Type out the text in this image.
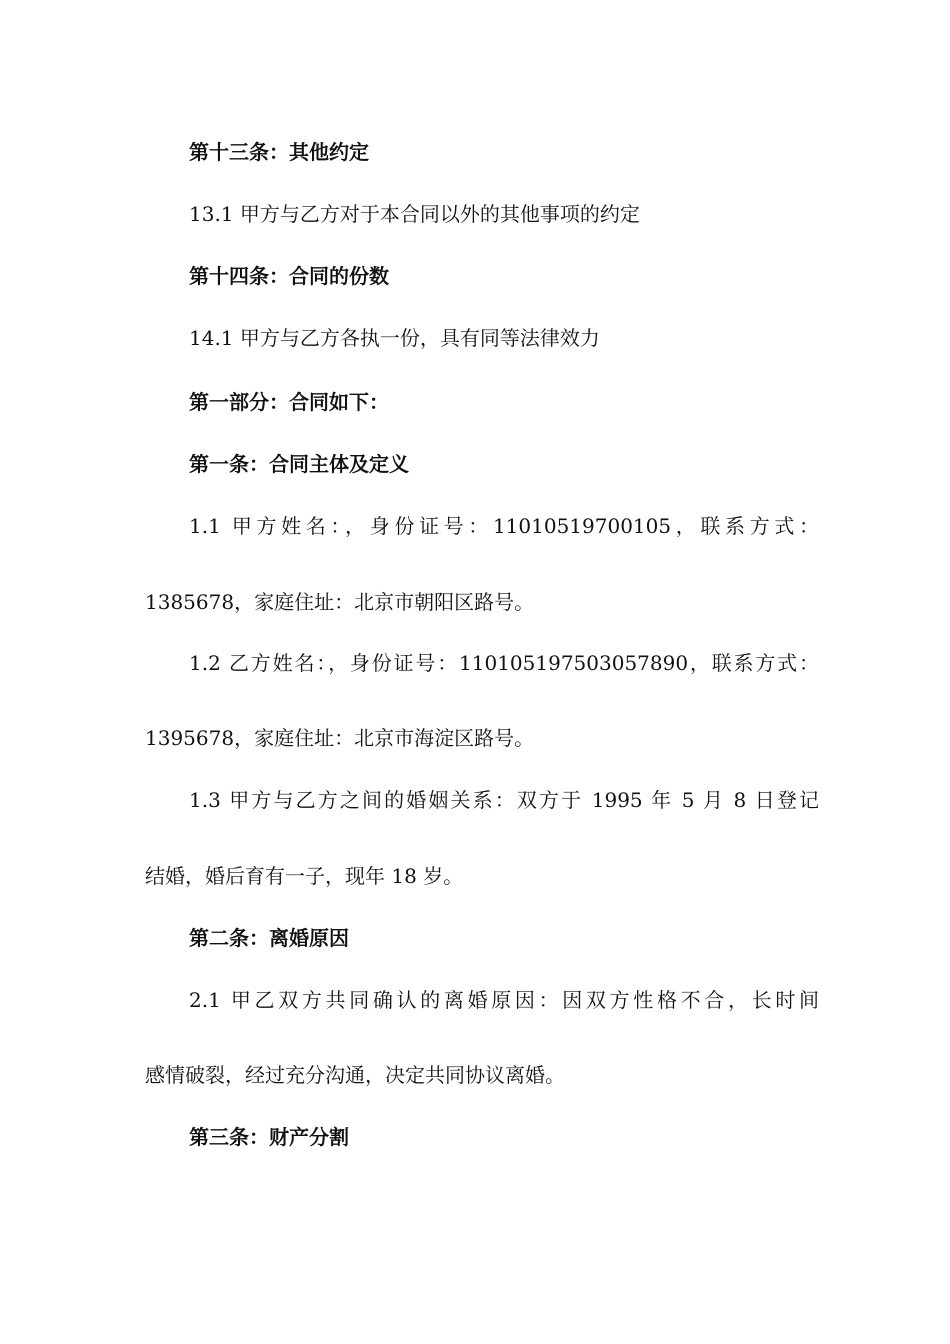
第十三条：其他约定

13.1 甲方与乙方对于本合同以外的其他事项的约定

第十四条：合同的份数

14.1 甲方与乙方各执一份，具有同等法律效力

第一部分：合同如下：

第一条：合同主体及定义

1.1 甲方姓名：，身份证号：11010519700105，联系方式：

1385678，家庭住址：北京市朝阳区路号。

1.2 乙方姓名：，身份证号：110105197503057890，联系方式：

1395678，家庭住址：北京市海淀区路号。

1.3 甲方与乙方之间的婚姻关系：双方于 1995 年 5 月 8 日登记

结婚，婚后育有一子，现年 18 岁。

第二条：离婚原因

2.1 甲乙双方共同确认的离婚原因：因双方性格不合，长时间

感情破裂，经过充分沟通，决定共同协议离婚。

第三条：财产分割
